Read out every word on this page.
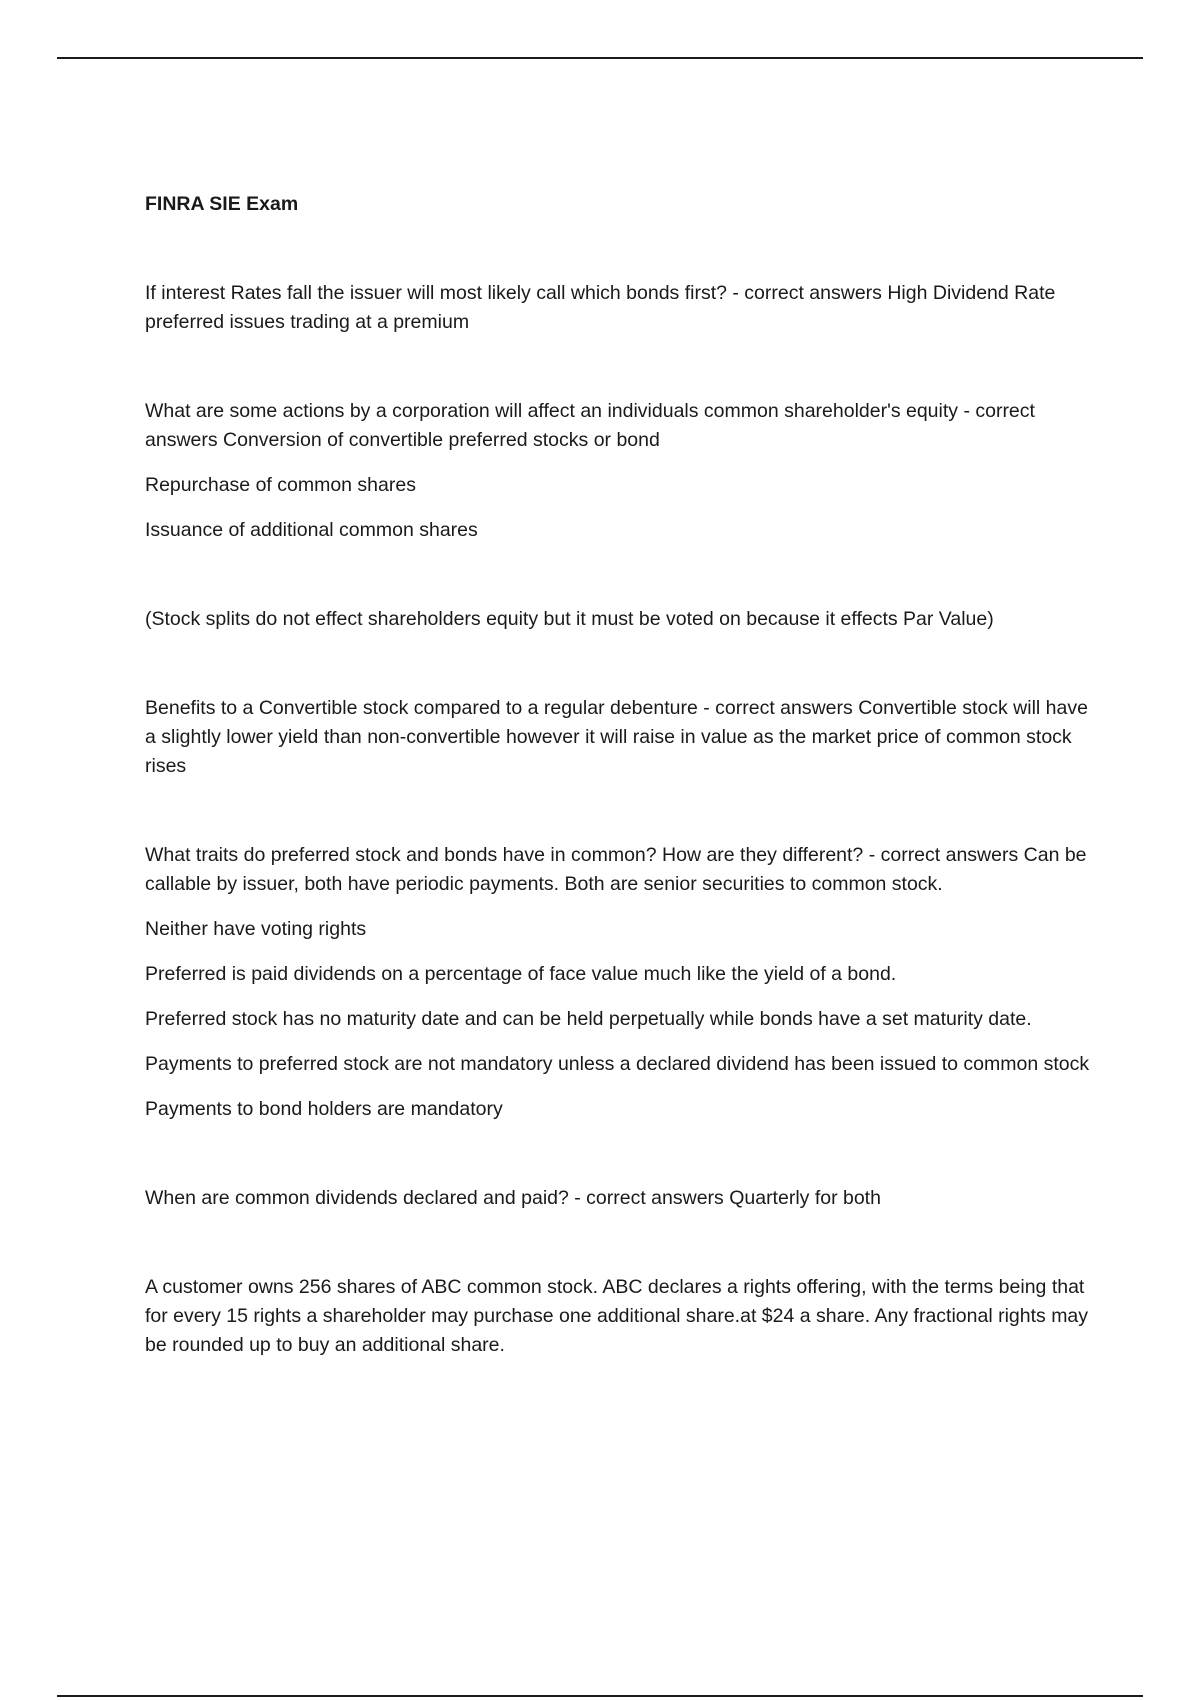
FINRA SIE Exam

If interest Rates fall the issuer will most likely call which bonds first? - correct answers High Dividend Rate preferred issues trading at a premium

What are some actions by a corporation will affect an individuals common shareholder's equity - correct answers Conversion of convertible preferred stocks or bond

Repurchase of common shares

Issuance of additional common shares

(Stock splits do not effect shareholders equity but it must be voted on because it effects Par Value)

Benefits to a Convertible stock compared to a regular debenture - correct answers Convertible stock will have a slightly lower yield than non-convertible however it will raise in value as the market price of common stock rises

What traits do preferred stock and bonds have in common? How are they different? - correct answers Can be callable by issuer, both have periodic payments. Both are senior securities to common stock.

Neither have voting rights

Preferred is paid dividends on a percentage of face value much like the yield of a bond.

Preferred stock has no maturity date and can be held perpetually while bonds have a set maturity date.

Payments to preferred stock are not mandatory unless a declared dividend has been issued to common stock

Payments to bond holders are mandatory

When are common dividends declared and paid? - correct answers Quarterly for both

A customer owns 256 shares of ABC common stock. ABC declares a rights offering, with the terms being that for every 15 rights a shareholder may purchase one additional share.at $24 a share. Any fractional rights may be rounded up to buy an additional share.
